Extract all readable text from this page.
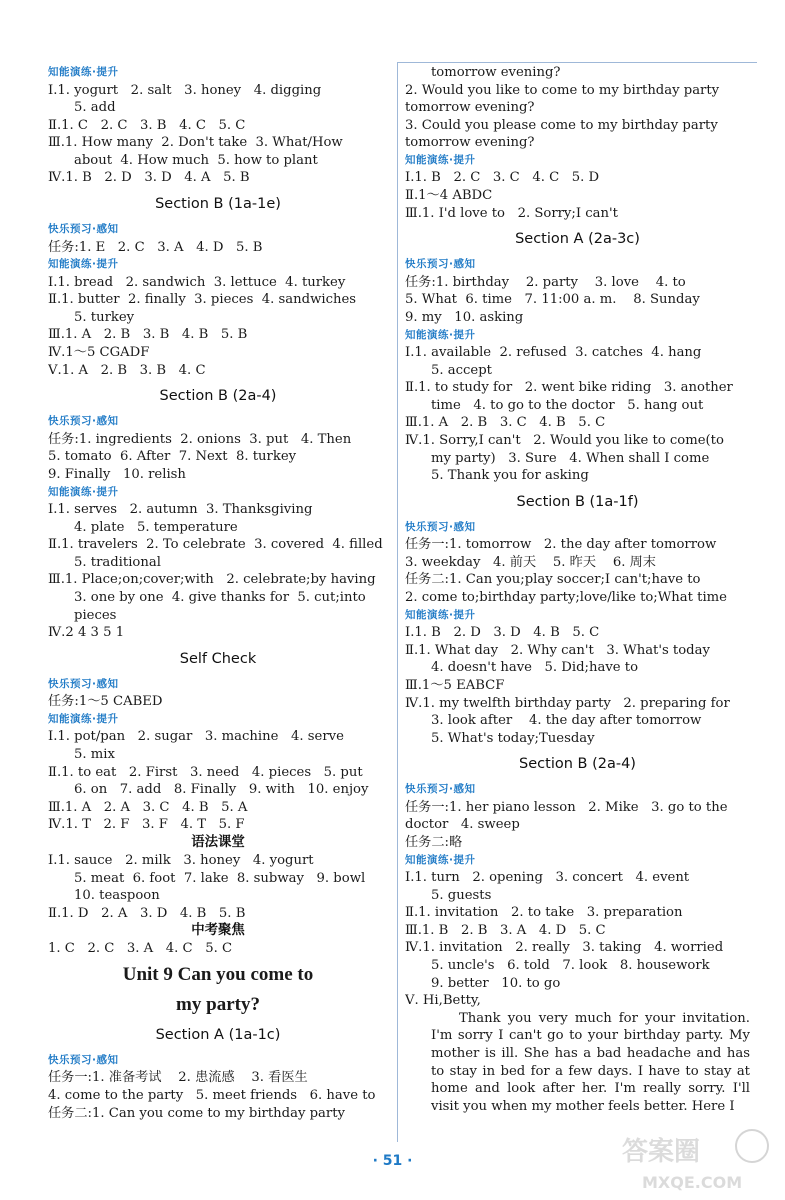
知能演练·提升
Ⅰ.1. yogurt   2. salt   3. honey   4. digging
5. add
Ⅱ.1. C   2. C   3. B   4. C   5. C
Ⅲ.1. How many  2. Don't take  3. What/How
about  4. How much  5. how to plant
Ⅳ.1. B   2. D   3. D   4. A   5. B
Section B (1a-1e)
快乐预习·感知
任务:1. E   2. C   3. A   4. D   5. B
知能演练·提升
Ⅰ.1. bread   2. sandwich  3. lettuce  4. turkey
Ⅱ.1. butter  2. finally  3. pieces  4. sandwiches
5. turkey
Ⅲ.1. A   2. B   3. B   4. B   5. B
Ⅳ.1～5 CGADF
Ⅴ.1. A   2. B   3. B   4. C
Section B (2a-4)
快乐预习·感知
任务:1. ingredients  2. onions  3. put   4. Then
5. tomato  6. After  7. Next  8. turkey
9. Finally   10. relish
知能演练·提升
Ⅰ.1. serves   2. autumn  3. Thanksgiving
4. plate   5. temperature
Ⅱ.1. travelers  2. To celebrate  3. covered  4. filled
5. traditional
Ⅲ.1. Place;on;cover;with   2. celebrate;by having
3. one by one  4. give thanks for  5. cut;into
pieces
Ⅳ.2 4 3 5 1
Self Check
快乐预习·感知
任务:1～5 CABED
知能演练·提升
Ⅰ.1. pot/pan   2. sugar   3. machine   4. serve
5. mix
Ⅱ.1. to eat   2. First   3. need   4. pieces   5. put
6. on   7. add   8. Finally   9. with   10. enjoy
Ⅲ.1. A   2. A   3. C   4. B   5. A
Ⅳ.1. T   2. F   3. F   4. T   5. F
语法课堂
Ⅰ.1. sauce   2. milk   3. honey   4. yogurt
5. meat  6. foot  7. lake  8. subway   9. bowl
10. teaspoon
Ⅱ.1. D   2. A   3. D   4. B   5. B
中考聚焦
1. C   2. C   3. A   4. C   5. C
Unit 9 Can you come to
my party?
Section A (1a-1c)
快乐预习·感知
任务一:1. 准备考试    2. 患流感    3. 看医生
4. come to the party   5. meet friends   6. have to
任务二:1. Can you come to my birthday party
tomorrow evening?
2. Would you like to come to my birthday party
tomorrow evening?
3. Could you please come to my birthday party
tomorrow evening?
知能演练·提升
Ⅰ.1. B   2. C   3. C   4. C   5. D
Ⅱ.1～4 ABDC
Ⅲ.1. I'd love to   2. Sorry;I can't
Section A (2a-3c)
快乐预习·感知
任务:1. birthday    2. party    3. love    4. to
5. What  6. time   7. 11:00 a. m.    8. Sunday
9. my   10. asking
知能演练·提升
Ⅰ.1. available  2. refused  3. catches  4. hang
5. accept
Ⅱ.1. to study for   2. went bike riding   3. another
time   4. to go to the doctor   5. hang out
Ⅲ.1. A   2. B   3. C   4. B   5. C
Ⅳ.1. Sorry,I can't   2. Would you like to come(to
my party)   3. Sure   4. When shall I come
5. Thank you for asking
Section B (1a-1f)
快乐预习·感知
任务一:1. tomorrow   2. the day after tomorrow
3. weekday   4. 前天    5. 昨天    6. 周末
任务二:1. Can you;play soccer;I can't;have to
2. come to;birthday party;love/like to;What time
知能演练·提升
Ⅰ.1. B   2. D   3. D   4. B   5. C
Ⅱ.1. What day   2. Why can't   3. What's today
4. doesn't have   5. Did;have to
Ⅲ.1～5 EABCF
Ⅳ.1. my twelfth birthday party   2. preparing for
3. look after    4. the day after tomorrow
5. What's today;Tuesday
Section B (2a-4)
快乐预习·感知
任务一:1. her piano lesson   2. Mike   3. go to the
doctor   4. sweep
任务二:略
知能演练·提升
Ⅰ.1. turn   2. opening   3. concert   4. event
5. guests
Ⅱ.1. invitation   2. to take   3. preparation
Ⅲ.1. B   2. B   3. A   4. D   5. C
Ⅳ.1. invitation   2. really   3. taking   4. worried
5. uncle's   6. told   7. look   8. housework
9. better   10. to go
Ⅴ. Hi,Betty,
Thank you very much for your invitation. I'm sorry I can't go to your birthday party. My mother is ill. She has a bad headache and has to stay in bed for a few days. I have to stay at home and look after her. I'm really sorry. I'll visit you when my mother feels better. Here I
· 51 ·	答案圈
MXQE.COM
